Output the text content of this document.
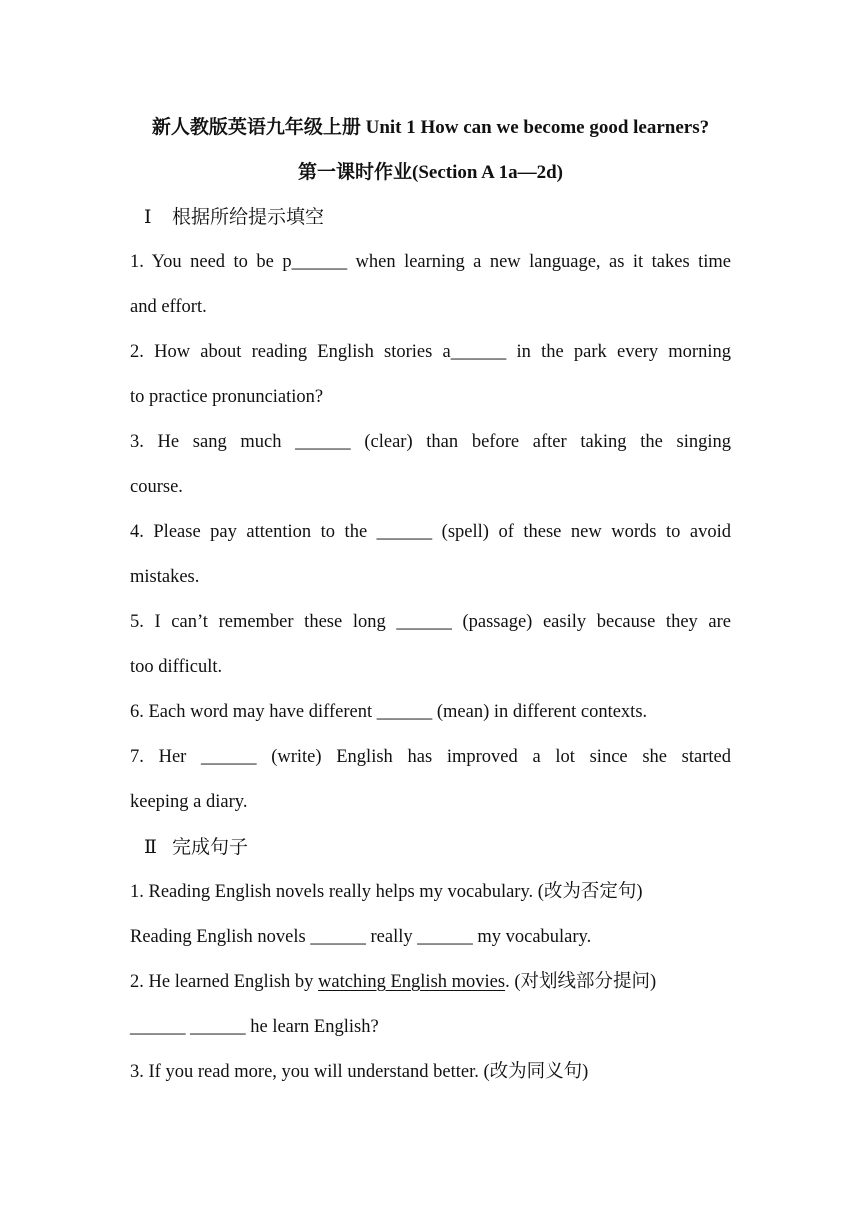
新人教版英语九年级上册 Unit 1 How can we become good learners?

第一课时作业(Section A 1a—2d)

Ⅰ 根据所给提示填空

1. You need to be p______ when learning a new language, as it takes time

and effort.

2. How about reading English stories a______ in the park every morning

to practice pronunciation?

3. He sang much ______ (clear) than before after taking the singing

course.

4. Please pay attention to the ______ (spell) of these new words to avoid

mistakes.

5. I can’t remember these long ______ (passage) easily because they are

too difficult.

6. Each word may have different ______ (mean) in different contexts.

7. Her ______ (write) English has improved a lot since she started

keeping a diary.

Ⅱ 完成句子

1. Reading English novels really helps my vocabulary. (改为否定句)

Reading English novels ______ really ______ my vocabulary.

2. He learned English by watching English movies. (对划线部分提问)

______ ______ he learn English?

3. If you read more, you will understand better. (改为同义句)
